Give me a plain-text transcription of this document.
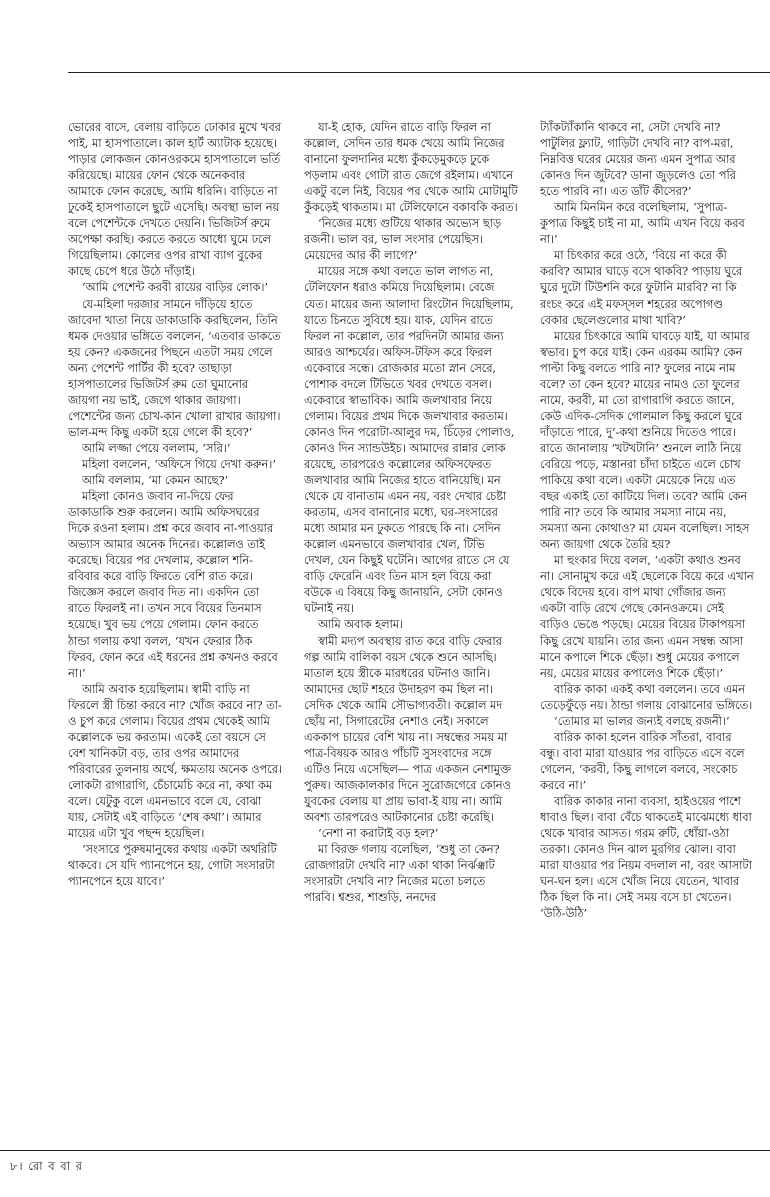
ভোরের বাসে, বেলায় বাড়িতে ঢোকার মুখে খবর পাই, মা হাসপাতালে। কাল হার্ট অ্যাটাক হয়েছে। পাড়ার লোকজন কোনওরকমে হাসপাতালে ভর্তি করিয়েছে। মায়ের ফোন থেকে অনেকবার আমাকে ফোন করেছে, আমি ধরিনি। বাড়িতে না ঢুকেই হাসপাতালে ছুটে এসেছি। অবস্থা ভাল নয় বলে পেশেন্টকে দেখতে দেয়নি। ভিজিটর্স রুমে অপেক্ষা করছি। করতে করতে আধো ঘুমে ঢলে গিয়েছিলাম। কোলের ওপর রাখা ব্যাগ বুকের কাছে চেপে ধরে উঠে দাঁড়াই।

‘আমি পেশেন্ট করবী রায়ের বাড়ির লোক।’

যে-মহিলা দরজার সামনে দাঁড়িয়ে হাতে জাবেদা খাতা নিয়ে ডাকাডাকি করছিলেন, তিনি ধমক দেওয়ার ভঙ্গিতে বললেন, ‘এতবার ডাকতে হয় কেন? একজনের পিছনে এতটা সময় গেলে অন্য পেশেন্ট পার্টির কী হবে? তাছাড়া হাসপাতালের ভিজিটর্স রুম তো ঘুমানোর জায়গা নয় ভাই, জেগে থাকার জায়গা। পেশেন্টের জন্য চোখ-কান খোলা রাখার জায়গা। ভাল-মন্দ কিছু একটা হয়ে গেলে কী হবে?’

আমি লজ্জা পেয়ে বললাম, ‘সরি।’

মহিলা বললেন, ‘অফিসে গিয়ে দেখা করুন।’

আমি বললাম, ‘মা কেমন আছে?’

মহিলা কোনও জবাব না-দিয়ে ফের ডাকাডাকি শুরু করলেন। আমি অফিসঘরের দিকে রওনা হলাম। প্রশ্ন করে জবাব না-পাওয়ার অভ্যাস আমার অনেক দিনের। কল্লোলও তাই করেছে। বিয়ের পর দেখলাম, কল্লোল শনি-রবিবার করে বাড়ি ফিরতে বেশি রাত করে। জিজ্ঞেস করলে জবাব দিত না। একদিন তো রাতে ফিরলই না। তখন সবে বিয়ের তিনমাস হয়েছে। খুব ভয় পেয়ে গেলাম। ফোন করতে ঠান্ডা গলায় কথা বলল, ‘যখন ফেরার ঠিক ফিরব, ফোন করে এই ধরনের প্রশ্ন কখনও করবে না।’

আমি অবাক হয়েছিলাম। স্বামী বাড়ি না ফিরলে স্ত্রী চিন্তা করবে না? খোঁজ করবে না? তা-ও চুপ করে গেলাম। বিয়ের প্রথম থেকেই আমি কল্লোলকে ভয় করতাম। একেই তো বয়সে সে বেশ খানিকটা বড়, তার ওপর আমাদের পরিবারের তুলনায় অর্থে, ক্ষমতায় অনেক ওপরে। লোকটা রাগারাগি, চেঁচামেচি করে না, কথা কম বলে। যেটুকু বলে এমনভাবে বলে যে, বোঝা যায়, সেটাই এই বাড়িতে ‘শেষ কথা’। আমার মায়ের এটা খুব পছন্দ হয়েছিল।

‘সংসারে পুরুষমানুষের কথায় একটা অথরিটি থাকবে। সে যদি প্যানপেনে হয়, গোটা সংসারটা প্যানপেনে হয়ে যাবে।’

যা-ই হোক, যেদিন রাতে বাড়ি ফিরল না কল্লোল, সেদিন তার ধমক খেয়ে আমি নিজের বানানো ফুলদানির মধ্যে কুঁকড়েমুকড়ে ঢুকে পড়লাম এবং গোটা রাত জেগে রইলাম। এখানে একটু বলে নিই, বিয়ের পর থেকে আমি মোটামুটি কুঁকড়েই থাকতাম। মা টেলিফোনে বকাবকি করত।

‘নিজের মধ্যে গুটিয়ে থাকার অভ্যেস ছাড় রজনী। ভাল বর, ভাল সংসার পেয়েছিস। মেয়েদের আর কী লাগে?’

মায়ের সঙ্গে কথা বলতে ভাল লাগত না, টেলিফোন ধরাও কমিয়ে দিয়েছিলাম। বেজে যেত। মায়ের জন্য আলাদা রিংটোন দিয়েছিলাম, যাতে চিনতে সুবিধে হয়। যাক, যেদিন রাতে ফিরল না কল্লোল, তার পরদিনটা আমার জন্য আরও আশ্চর্যের। অফিস-টফিস করে ফিরল একেবারে সন্ধে। রোজকার মতো স্নান সেরে, পোশাক বদলে টিভিতে খবর দেখতে বসল। একেবারে স্বাভাবিক। আমি জলখাবার নিয়ে গেলাম। বিয়ের প্রথম দিকে জলখাবার করতাম। কোনও দিন পরোটা-আলুর দম, চিঁড়ের পোলাও, কোনও দিন স্যান্ডউইচ। আমাদের রান্নার লোক রয়েছে, তারপরেও কল্লোলের অফিসফেরত জলখাবার আমি নিজের হাতে বানিয়েছি। মন থেকে যে বানাতাম এমন নয়, বরং দেখার চেষ্টা করতাম, এসব বানানোর মধ্যে, ঘর-সংসারের মধ্যে আমার মন ঢুকতে পারছে কি না। সেদিন কল্লোল এমনভাবে জলখাবার খেল, টিভি দেখল, যেন কিছুই ঘটেনি। আগের রাতে সে যে বাড়ি ফেরেনি এবং তিন মাস হল বিয়ে করা বউকে এ বিষয়ে কিছু জানায়নি, সেটা কোনও ঘটনাই নয়।

আমি অবাক হলাম।

স্বামী মদ্যপ অবস্থায় রাত করে বাড়ি ফেরার গল্প আমি বালিকা বয়স থেকে শুনে আসছি। মাতাল হয়ে স্ত্রীকে মারধরের ঘটনাও জানি। আমাদের ছোট শহরে উদাহরণ কম ছিল না। সেদিক থেকে আমি সৌভাগ্যবতী। কল্লোল মদ ছোঁয় না, সিগারেটের নেশাও নেই। সকালে এককাপ চায়ের বেশি খায় না। সম্বন্ধের সময় মা পাত্র-বিষয়ক আরও পাঁচটি সুসংবাদের সঙ্গে এটিও নিয়ে এসেছিল— পাত্র একজন নেশামুক্ত পুরুষ। আজকালকার দিনে সুরোজগেরে কোনও যুবকের বেলায় যা প্রায় ভাবা-ই যায় না। আমি অবশ্য তারপরেও আটকানোর চেষ্টা করেছি।

‘নেশা না করাটাই বড় হল?’

মা বিরক্ত গলায় বলেছিল, ‘শুধু তা কেন? রোজগারটা দেখবি না? একা থাকা নির্ঝঞ্ঝাট সংসারটা দেখবি না? নিজের মতো চলতে পারবি। শ্বশুর, শাশুড়ি, ননদের

ট্যাঁকট্যাঁকানি থাকবে না, সেটা দেখবি না? পাটুলির ফ্ল্যাট, গাড়িটা দেখবি না? বাপ-মরা, নিম্নবিত্ত ঘরের মেয়ের জন্য এমন সুপাত্র আর কোনও দিন জুটবে? ডানা জুড়লেও তো পরি হতে পারবি না। এত ডাঁট কীসের?’

আমি মিনমিন করে বলেছিলাম, ‘সুপাত্র-কুপাত্র কিছুই চাই না মা, আমি এখন বিয়ে করব না।’

মা চিৎকার করে ওঠে, ‘বিয়ে না করে কী করবি? আমার ঘাড়ে বসে থাকবি? পাড়ায় ঘুরে ঘুরে দুটো টিউশনি করে ফুটানি মারবি? না কি রংচং করে এই মফস্সল শহরের অপোগণ্ড বেকার ছেলেগুলোর মাথা খাবি?’

মায়ের চিৎকারে আমি ঘাবড়ে যাই, যা আমার স্বভাব। চুপ করে যাই। কেন এরকম আমি? কেন পাল্টা কিছু বলতে পারি না? ফুলের নামে নাম বলে? তা কেন হবে? মায়ের নামও তো ফুলের নামে, করবী, মা তো রাগারাগি করতে জানে, কেউ এদিক-সেদিক গোলমাল কিছু করলে ঘুরে দাঁড়াতে পারে, দু’-কথা শুনিয়ে দিতেও পারে। রাতে জানালায় ‘খটখটানি’ শুনলে লাঠি নিয়ে বেরিয়ে পড়ে, মস্তানরা চাঁদা চাইতে এলে চোখ পাকিয়ে কথা বলে। একটা মেয়েকে নিয়ে এত বছর একাই তো কাটিয়ে দিল। তবে? আমি কেন পারি না? তবে কি আমার সমস্যা নামে নয়, সমস্যা অন্য কোথাও? মা যেমন বলেছিল। সাহস অন্য জায়গা থেকে তৈরি হয়?

মা হুংকার দিয়ে বলল, ‘একটা কথাও শুনব না। সোনামুখ করে এই ছেলেকে বিয়ে করে এখান থেকে বিদেয় হবে। বাপ মাথা গোঁজার জন্য একটা বাড়ি রেখে গেছে কোনওক্রমে। সেই বাড়িও ভেঙে পড়ছে। মেয়ের বিয়ের টাকাপয়সা কিছু রেখে যায়নি। তার জন্য এমন সম্বন্ধ আসা মানে কপালে শিকে ছেঁড়া। শুধু মেয়ের কপালে নয়, মেয়ের মায়ের কপালেও শিকে ছেঁড়া।’

বারিক কাকা একই কথা বললেন। তবে এমন তেড়েফুঁড়ে নয়। ঠান্ডা গলায় বোঝানোর ভঙ্গিতে।

‘তোমার মা ভালর জন্যই বলছে রজনী।’

বারিক কাকা হলেন বারিক সাঁতরা, বাবার বন্ধু। বাবা মারা যাওয়ার পর বাড়িতে এসে বলে গেলেন, ‘করবী, কিছু লাগলে বলবে, সংকোচ করবে না।’

বারিক কাকার নানা ব্যবসা, হাইওয়ের পাশে ধাবাও ছিল। বাবা বেঁচে থাকতেই মাঝেমধ্যে ধাবা থেকে খাবার আসত। গরম রুটি, ধোঁয়া-ওঠা তরকা। কোনও দিন ঝাল মুরগির ঝোল। বাবা মারা যাওয়ার পর নিয়ম বদলাল না, বরং আসাটা ঘন-ঘন হল। এসে খোঁজ নিয়ে যেতেন, খাবার ঠিক ছিল কি না। সেই সময় বসে চা খেতেন। ‘উঠি-উঠি’

৮। রো ব বা র
